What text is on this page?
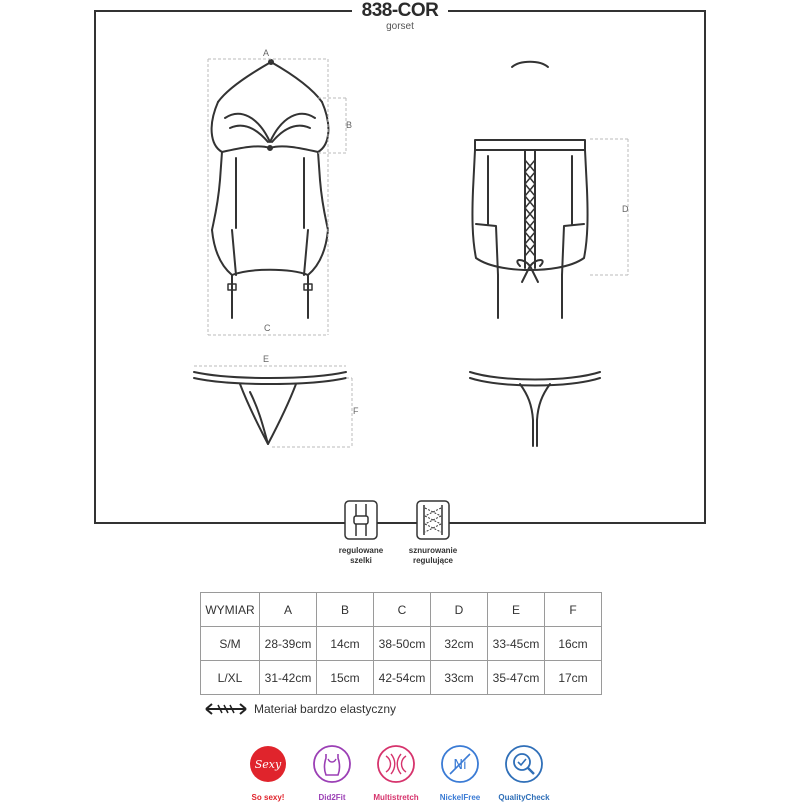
838-COR
gorset
A
B
C
D
E
F
regulowane
szelki
sznurowanie
regulujące
WYMIAR	A	B	C	D	E	F
S/M	28-39cm	14cm	38-50cm	32cm	33-45cm	16cm
L/XL	31-42cm	15cm	42-54cm	33cm	35-47cm	17cm
Materiał bardzo elastyczny
Sexy
So sexy!	Did2Fit	Multistretch
Ni
NickelFree	QualityCheck
